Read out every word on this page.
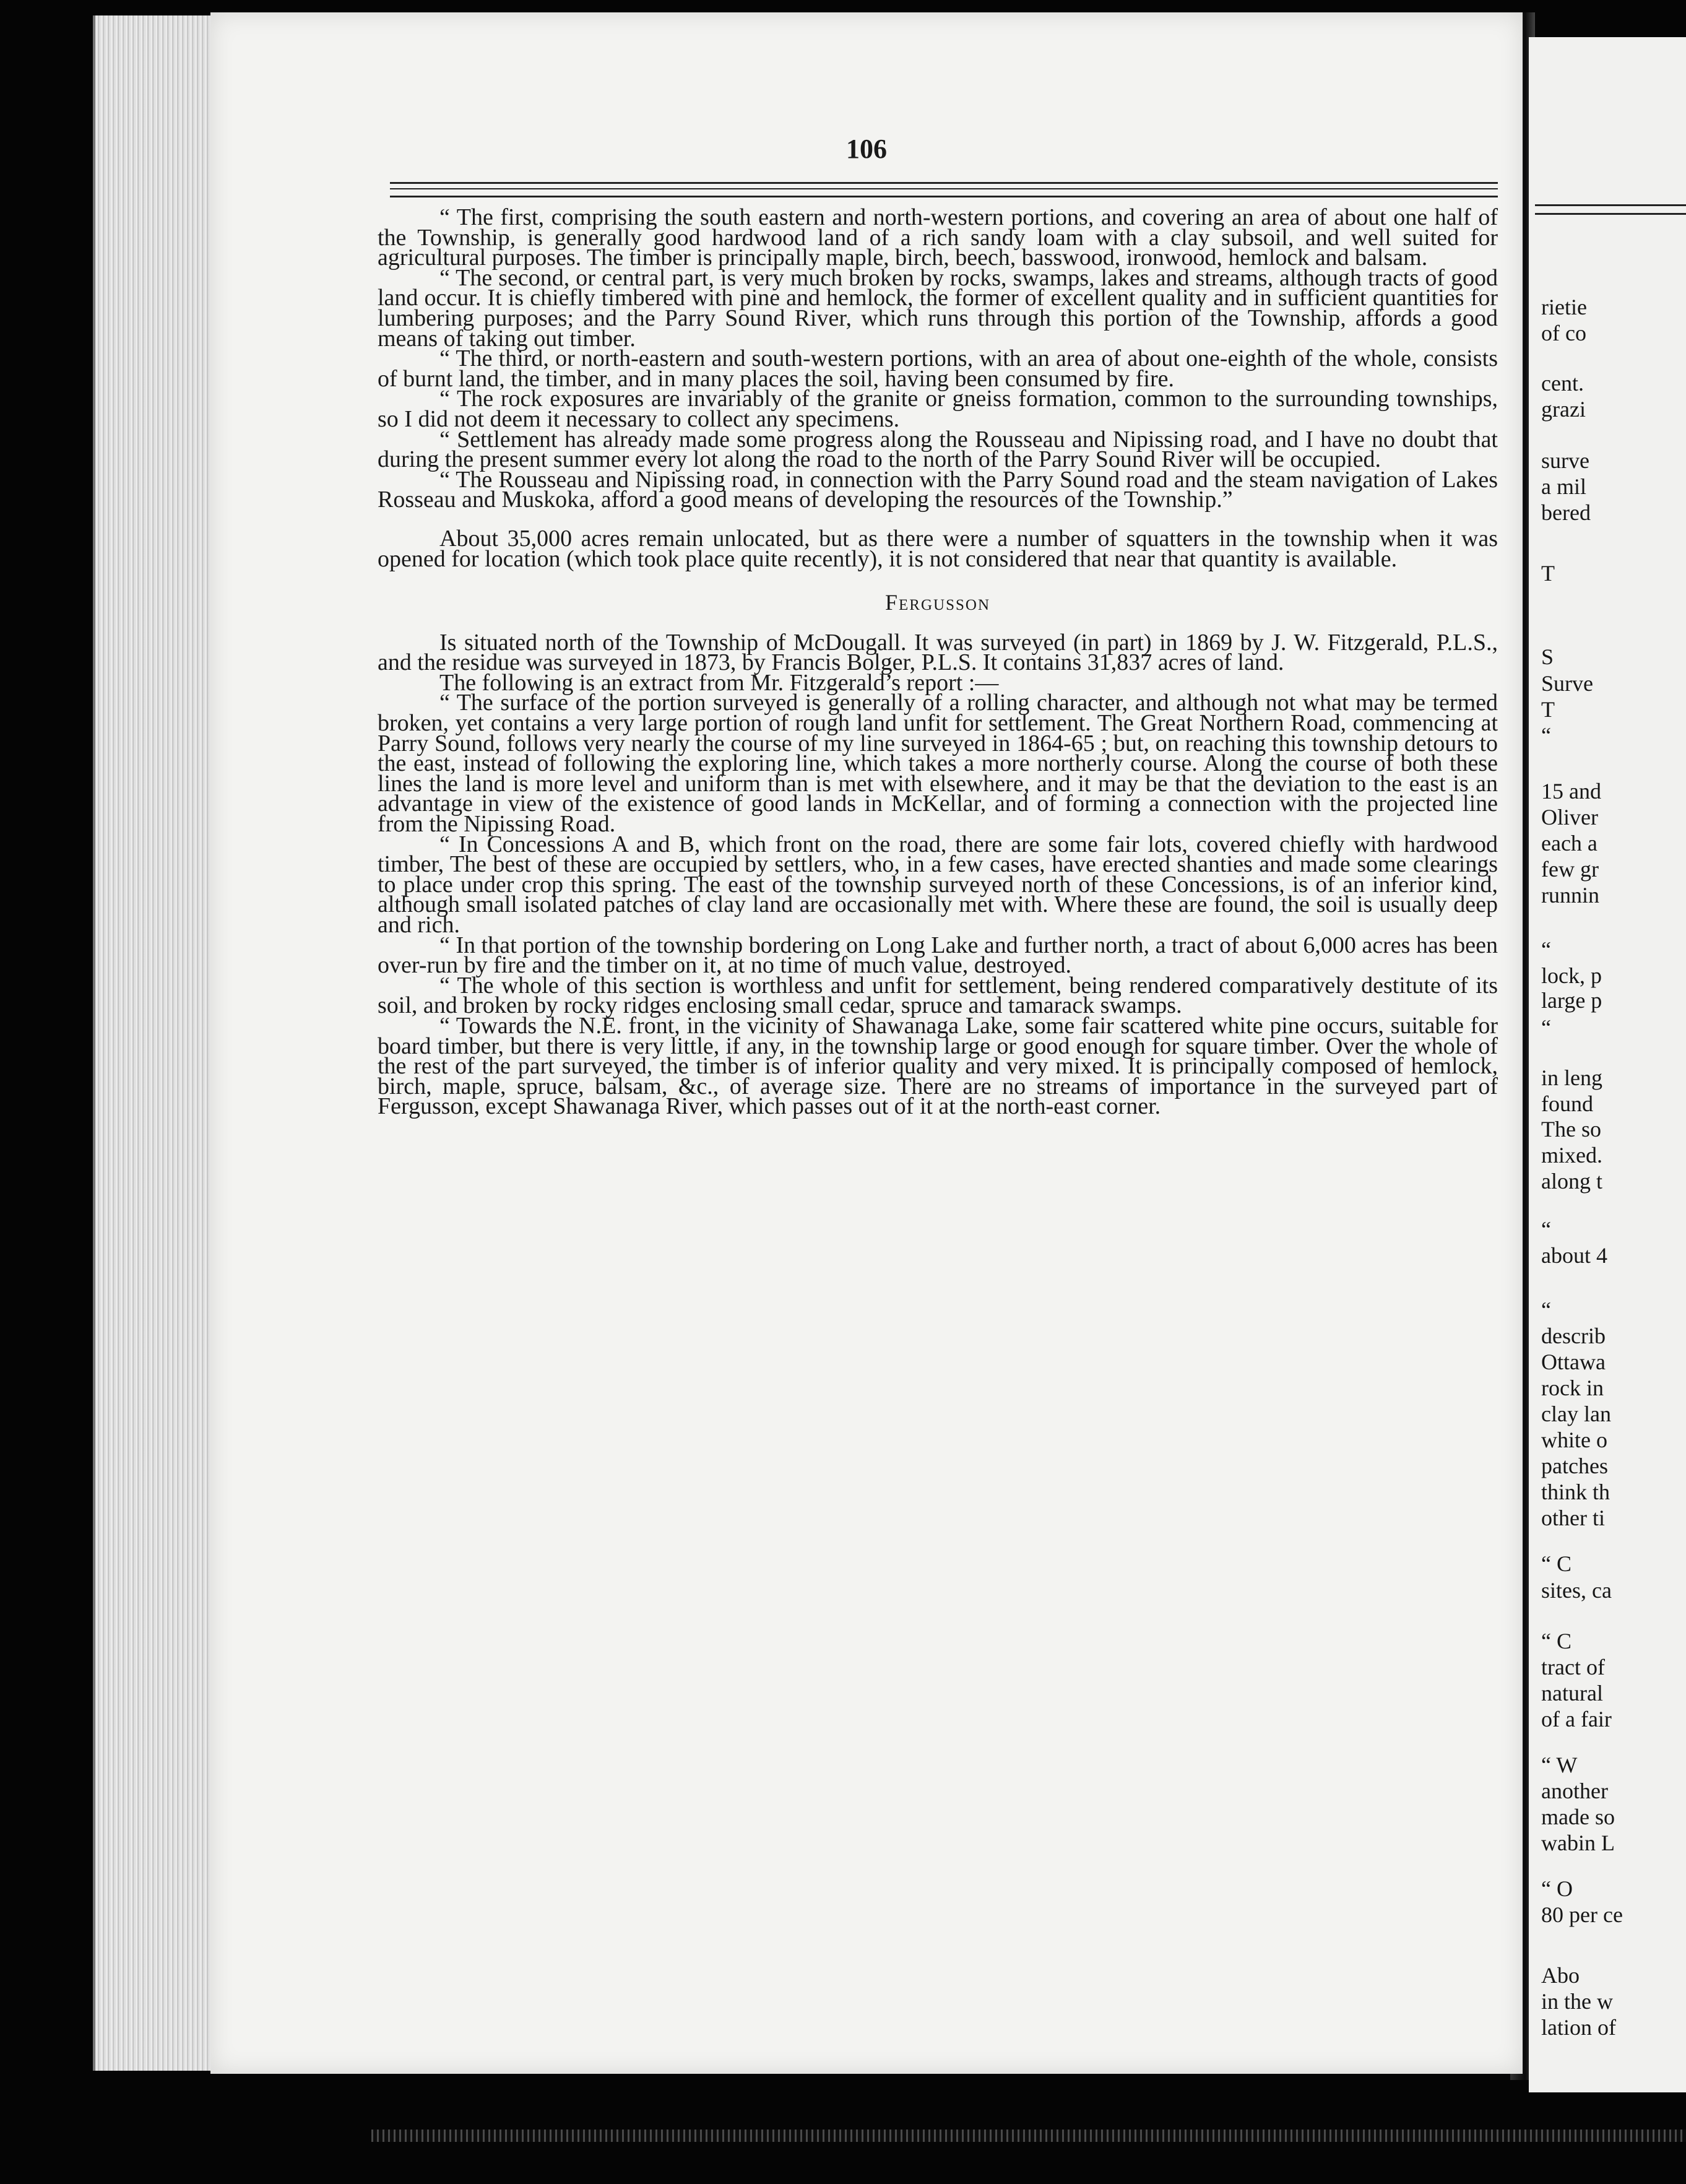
106

“ The first, comprising the south eastern and north-western portions, and covering an area of about one half of the Township, is generally good hardwood land of a rich sandy loam with a clay subsoil, and well suited for agricultural purposes. The timber is principally maple, birch, beech, basswood, ironwood, hemlock and balsam.

“ The second, or central part, is very much broken by rocks, swamps, lakes and streams, although tracts of good land occur. It is chiefly timbered with pine and hemlock, the former of excellent quality and in sufficient quantities for lumbering purposes; and the Parry Sound River, which runs through this portion of the Township, affords a good means of taking out timber.

“ The third, or north-eastern and south-western portions, with an area of about one-eighth of the whole, consists of burnt land, the timber, and in many places the soil, having been consumed by fire.

“ The rock exposures are invariably of the granite or gneiss formation, common to the surrounding townships, so I did not deem it necessary to collect any specimens.

“ Settlement has already made some progress along the Rousseau and Nipissing road, and I have no doubt that during the present summer every lot along the road to the north of the Parry Sound River will be occupied.

“ The Rousseau and Nipissing road, in connection with the Parry Sound road and the steam navigation of Lakes Rosseau and Muskoka, afford a good means of developing the resources of the Township.”

About 35,000 acres remain unlocated, but as there were a number of squatters in the township when it was opened for location (which took place quite recently), it is not considered that near that quantity is available.

Fergusson

Is situated north of the Township of McDougall. It was surveyed (in part) in 1869 by J. W. Fitzgerald, P.L.S., and the residue was surveyed in 1873, by Francis Bolger, P.L.S. It contains 31,837 acres of land.

The following is an extract from Mr. Fitzgerald’s report :—

“ The surface of the portion surveyed is generally of a rolling character, and although not what may be termed broken, yet contains a very large portion of rough land unfit for settlement. The Great Northern Road, commencing at Parry Sound, follows very nearly the course of my line surveyed in 1864-65 ; but, on reaching this township detours to the east, instead of following the exploring line, which takes a more northerly course. Along the course of both these lines the land is more level and uniform than is met with elsewhere, and it may be that the deviation to the east is an advantage in view of the existence of good lands in McKellar, and of forming a connection with the projected line from the Nipissing Road.

“ In Concessions A and B, which front on the road, there are some fair lots, covered chiefly with hardwood timber, The best of these are occupied by settlers, who, in a few cases, have erected shanties and made some clearings to place under crop this spring. The east of the township surveyed north of these Concessions, is of an inferior kind, although small isolated patches of clay land are occasionally met with. Where these are found, the soil is usually deep and rich.

“ In that portion of the township bordering on Long Lake and further north, a tract of about 6,000 acres has been over-run by fire and the timber on it, at no time of much value, destroyed.

“ The whole of this section is worthless and unfit for settlement, being rendered comparatively destitute of its soil, and broken by rocky ridges enclosing small cedar, spruce and tamarack swamps.

“ Towards the N.E. front, in the vicinity of Shawanaga Lake, some fair scattered white pine occurs, suitable for board timber, but there is very little, if any, in the township large or good enough for square timber. Over the whole of the rest of the part surveyed, the timber is of inferior quality and very mixed. It is principally composed of hemlock, birch, maple, spruce, balsam, &c., of average size. There are no streams of importance in the surveyed part of Fergusson, except Shawanaga River, which passes out of it at the north-east corner.

rietie
of co
cent.
grazi
surve
a mil
bered
T
S
Surve
T
“
15 and
Oliver
each a
few gr
runnin
“
lock, p
large p
“
in leng
found
The so
mixed.
along t
“
about 4
“
describ
Ottawa
rock in
clay lan
white o
patches
think th
other ti
“ C
sites, ca
“ C
tract of
natural
of a fair
“ W
another
made so
wabin L
“ O
80 per ce
Abo
in the w
lation of
